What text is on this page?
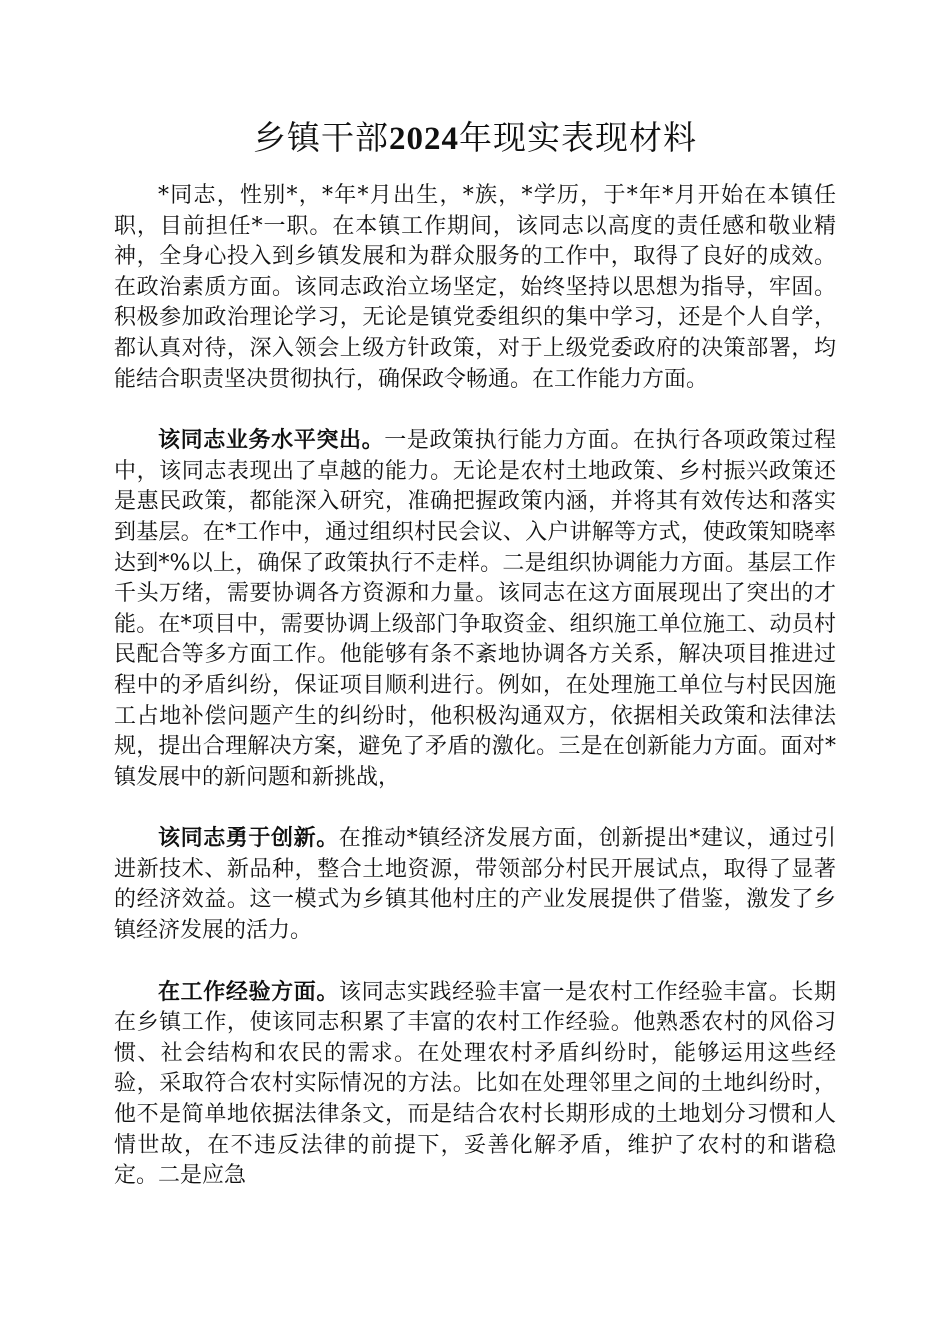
乡镇干部2024年现实表现材料

*同志，性别*，*年*月出生，*族，*学历，于*年*月开始在本镇任职，目前担任*一职。在本镇工作期间，该同志以高度的责任感和敬业精神，全身心投入到乡镇发展和为群众服务的工作中，取得了良好的成效。在政治素质方面。该同志政治立场坚定，始终坚持以思想为指导，牢固。积极参加政治理论学习，无论是镇党委组织的集中学习，还是个人自学，都认真对待，深入领会上级方针政策，对于上级党委政府的决策部署，均能结合职责坚决贯彻执行，确保政令畅通。在工作能力方面。

该同志业务水平突出。一是政策执行能力方面。在执行各项政策过程中，该同志表现出了卓越的能力。无论是农村土地政策、乡村振兴政策还是惠民政策，都能深入研究，准确把握政策内涵，并将其有效传达和落实到基层。在*工作中，通过组织村民会议、入户讲解等方式，使政策知晓率达到*%以上，确保了政策执行不走样。二是组织协调能力方面。基层工作千头万绪，需要协调各方资源和力量。该同志在这方面展现出了突出的才能。在*项目中，需要协调上级部门争取资金、组织施工单位施工、动员村民配合等多方面工作。他能够有条不紊地协调各方关系，解决项目推进过程中的矛盾纠纷，保证项目顺利进行。例如，在处理施工单位与村民因施工占地补偿问题产生的纠纷时，他积极沟通双方，依据相关政策和法律法规，提出合理解决方案，避免了矛盾的激化。三是在创新能力方面。面对*镇发展中的新问题和新挑战，

该同志勇于创新。在推动*镇经济发展方面，创新提出*建议，通过引进新技术、新品种，整合土地资源，带领部分村民开展试点，取得了显著的经济效益。这一模式为乡镇其他村庄的产业发展提供了借鉴，激发了乡镇经济发展的活力。

在工作经验方面。该同志实践经验丰富一是农村工作经验丰富。长期在乡镇工作，使该同志积累了丰富的农村工作经验。他熟悉农村的风俗习惯、社会结构和农民的需求。在处理农村矛盾纠纷时，能够运用这些经验，采取符合农村实际情况的方法。比如在处理邻里之间的土地纠纷时，他不是简单地依据法律条文，而是结合农村长期形成的土地划分习惯和人情世故，在不违反法律的前提下，妥善化解矛盾，维护了农村的和谐稳定。二是应急
